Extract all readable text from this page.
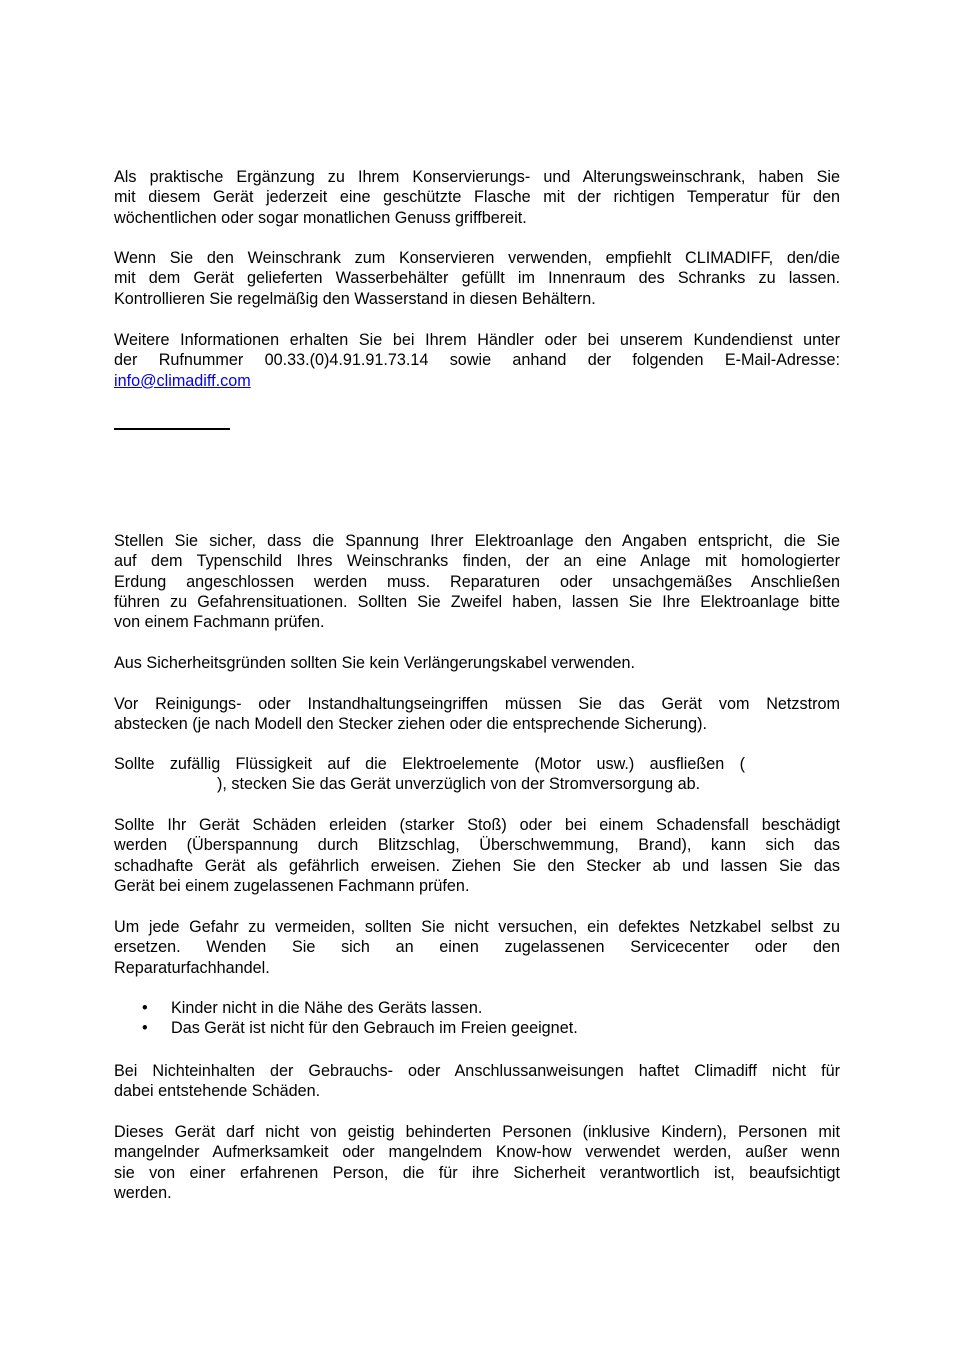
Als praktische Ergänzung zu Ihrem Konservierungs- und Alterungsweinschrank, haben Sie
mit diesem Gerät jederzeit eine geschützte Flasche mit der richtigen Temperatur für den
wöchentlichen oder sogar monatlichen Genuss griffbereit.

Wenn Sie den Weinschrank zum Konservieren verwenden, empfiehlt CLIMADIFF, den/die
mit dem Gerät gelieferten Wasserbehälter gefüllt im Innenraum des Schranks zu lassen.
Kontrollieren Sie regelmäßig den Wasserstand in diesen Behältern.

Weitere Informationen erhalten Sie bei Ihrem Händler oder bei unserem Kundendienst unter
der Rufnummer 00.33.(0)4.91.91.73.14 sowie anhand der folgenden E-Mail-Adresse:
info@climadiff.com

Stellen Sie sicher, dass die Spannung Ihrer Elektroanlage den Angaben entspricht, die Sie
auf dem Typenschild Ihres Weinschranks finden, der an eine Anlage mit homologierter
Erdung angeschlossen werden muss. Reparaturen oder unsachgemäßes Anschließen
führen zu Gefahrensituationen. Sollten Sie Zweifel haben, lassen Sie Ihre Elektroanlage bitte
von einem Fachmann prüfen.

Aus Sicherheitsgründen sollten Sie kein Verlängerungskabel verwenden.

Vor Reinigungs- oder Instandhaltungseingriffen müssen Sie das Gerät vom Netzstrom
abstecken (je nach Modell den Stecker ziehen oder die entsprechende Sicherung).

Sollte zufällig Flüssigkeit auf die Elektroelemente (Motor usw.) ausfließen (
), stecken Sie das Gerät unverzüglich von der Stromversorgung ab.

Sollte Ihr Gerät Schäden erleiden (starker Stoß) oder bei einem Schadensfall beschädigt
werden (Überspannung durch Blitzschlag, Überschwemmung, Brand), kann sich das
schadhafte Gerät als gefährlich erweisen. Ziehen Sie den Stecker ab und lassen Sie das
Gerät bei einem zugelassenen Fachmann prüfen.

Um jede Gefahr zu vermeiden, sollten Sie nicht versuchen, ein defektes Netzkabel selbst zu
ersetzen. Wenden Sie sich an einen zugelassenen Servicecenter oder den
Reparaturfachhandel.

• Kinder nicht in die Nähe des Geräts lassen.
• Das Gerät ist nicht für den Gebrauch im Freien geeignet.

Bei Nichteinhalten der Gebrauchs- oder Anschlussanweisungen haftet Climadiff nicht für
dabei entstehende Schäden.

Dieses Gerät darf nicht von geistig behinderten Personen (inklusive Kindern), Personen mit
mangelnder Aufmerksamkeit oder mangelndem Know-how verwendet werden, außer wenn
sie von einer erfahrenen Person, die für ihre Sicherheit verantwortlich ist, beaufsichtigt
werden.
